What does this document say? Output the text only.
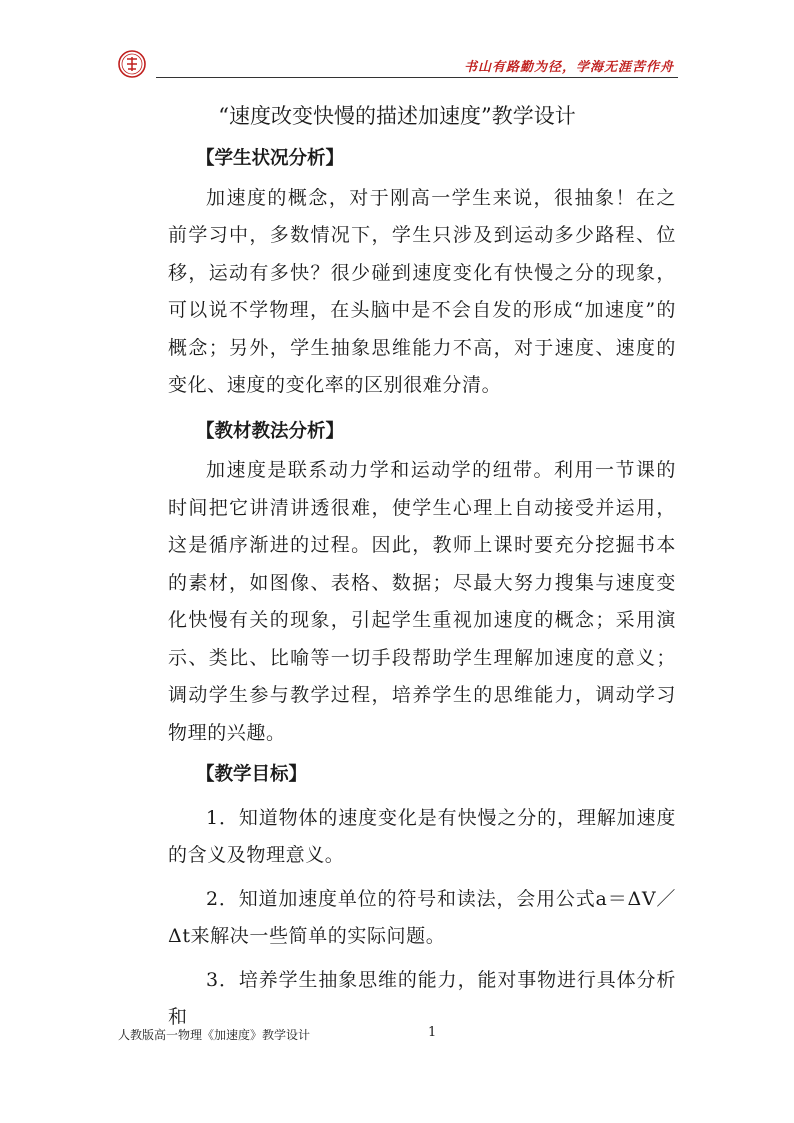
书山有路勤为径，学海无涯苦作舟
“速度改变快慢的描述加速度”教学设计

【学生状况分析】

加速度的概念，对于刚高一学生来说，很抽象！在之前学习中，多数情况下，学生只涉及到运动多少路程、位移，运动有多快？很少碰到速度变化有快慢之分的现象，可以说不学物理，在头脑中是不会自发的形成“加速度”的概念；另外，学生抽象思维能力不高，对于速度、速度的变化、速度的变化率的区别很难分清。

【教材教法分析】

加速度是联系动力学和运动学的纽带。利用一节课的时间把它讲清讲透很难，使学生心理上自动接受并运用，这是循序渐进的过程。因此，教师上课时要充分挖掘书本的素材，如图像、表格、数据；尽最大努力搜集与速度变化快慢有关的现象，引起学生重视加速度的概念；采用演示、类比、比喻等一切手段帮助学生理解加速度的意义；调动学生参与教学过程，培养学生的思维能力，调动学习物理的兴趣。

【教学目标】

1．知道物体的速度变化是有快慢之分的，理解加速度的含义及物理意义。

2．知道加速度单位的符号和读法，会用公式a＝ΔV／Δt来解决一些简单的实际问题。

3．培养学生抽象思维的能力，能对事物进行具体分析和

人教版高一物理《加速度》教学设计	1
